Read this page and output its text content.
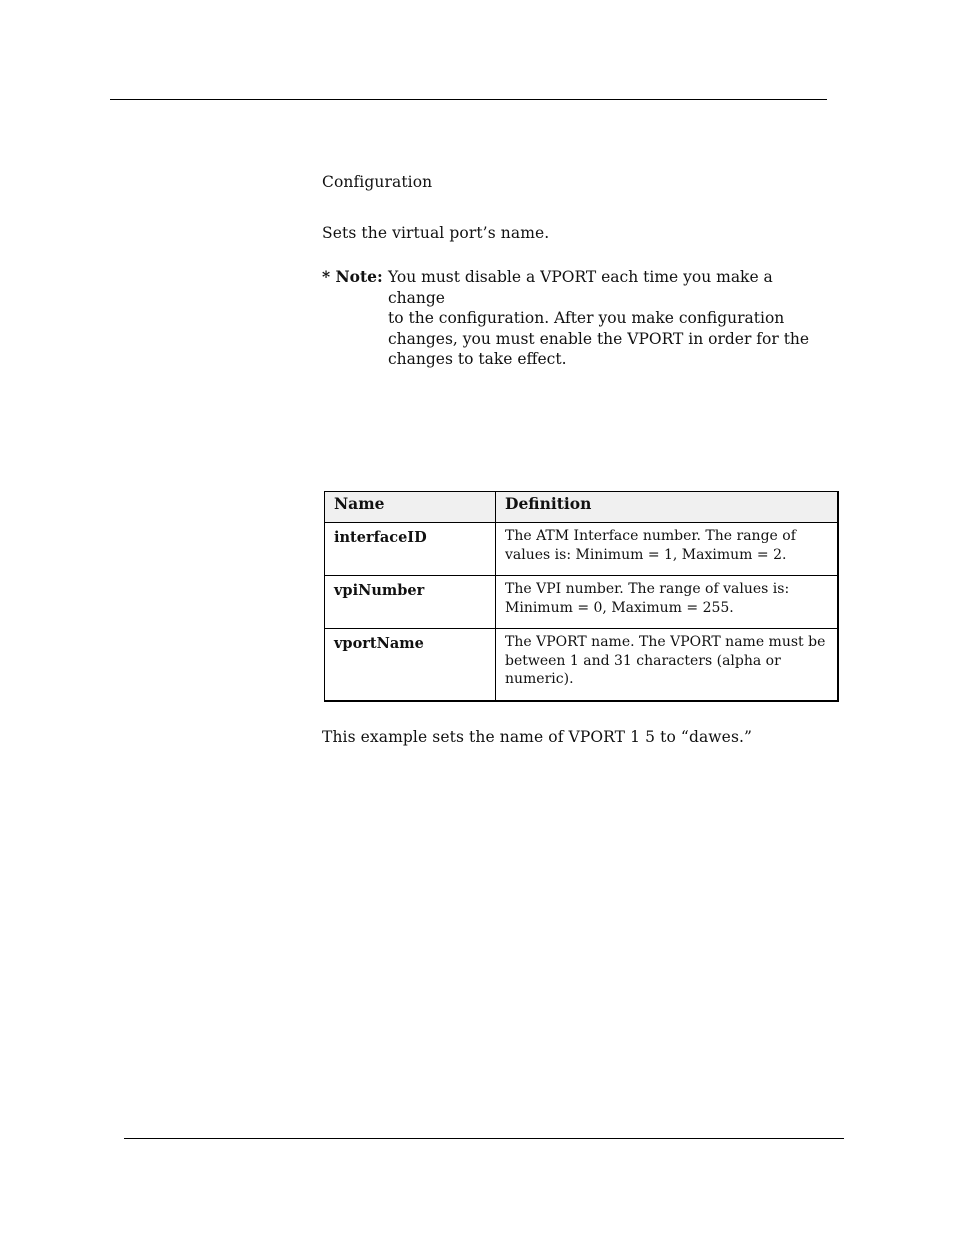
Configuration
Sets the virtual port’s name.
* Note: You must disable a VPORT each time you make a change
to the configuration. After you make configuration
changes, you must enable the VPORT in order for the
changes to take effect.
Name	Definition
interfaceID	The ATM Interface number. The range of
values is: Minimum = 1, Maximum = 2.

vpiNumber	The VPI number. The range of values is:
Minimum = 0, Maximum = 255.

vportName	The VPORT name. The VPORT name must be
between 1 and 31 characters (alpha or
numeric).
This example sets the name of VPORT 1 5 to “dawes.”
